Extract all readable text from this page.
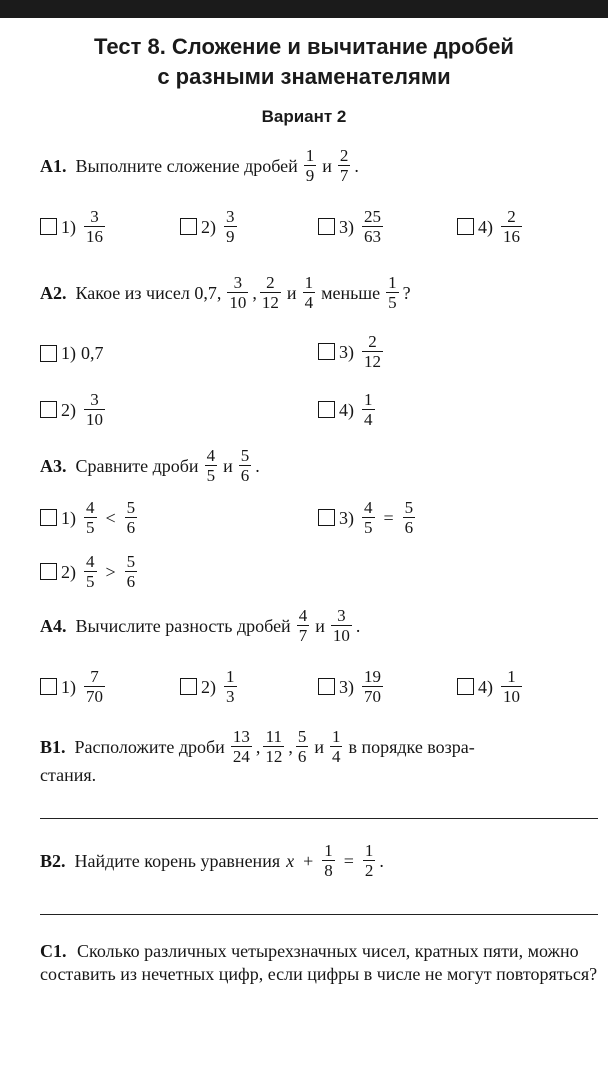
Тест 8. Сложение и вычитание дробей
с разными знаменателями
Вариант 2
А1. Выполните сложение дробей $\frac{1}{9}$ и $\frac{2}{7}$ .
$1) \frac{3}{16}$	$2) \frac{3}{9}$	$3) \frac{25}{63}$	$4) \frac{2}{16}$
А2. Какое из чисел 0,7, $\frac{3}{10}$ , $\frac{2}{12}$ и $\frac{1}{4}$ меньше $\frac{1}{5}$ ?
1) 0,7	$3) \frac{2}{12}$
$2) \frac{3}{10}$	$4) \frac{1}{4}$
А3. Сравните дроби $\frac{4}{5}$ и $\frac{5}{6}$ .
$1) \frac{4}{5} < \frac{5}{6}$	$3) \frac{4}{5} = \frac{5}{6}$
$2) \frac{4}{5} > \frac{5}{6}$
А4. Вычислите разность дробей $\frac{4}{7}$ и $\frac{3}{10}$ .
$1) \frac{7}{70}$	$2) \frac{1}{3}$	$3) \frac{19}{70}$	$4) \frac{1}{10}$
В1. Расположите дроби $\frac{13}{24}$ , $\frac{11}{12}$ , $\frac{5}{6}$ и $\frac{1}{4}$ в порядке возра-
стания.
В2. Найдите корень уравнения $x + \frac{1}{8} = \frac{1}{2}$ .
С1. Сколько различных четырехзначных чисел, кратных пяти, можно составить из нечетных цифр, если цифры в числе не могут повторяться?
